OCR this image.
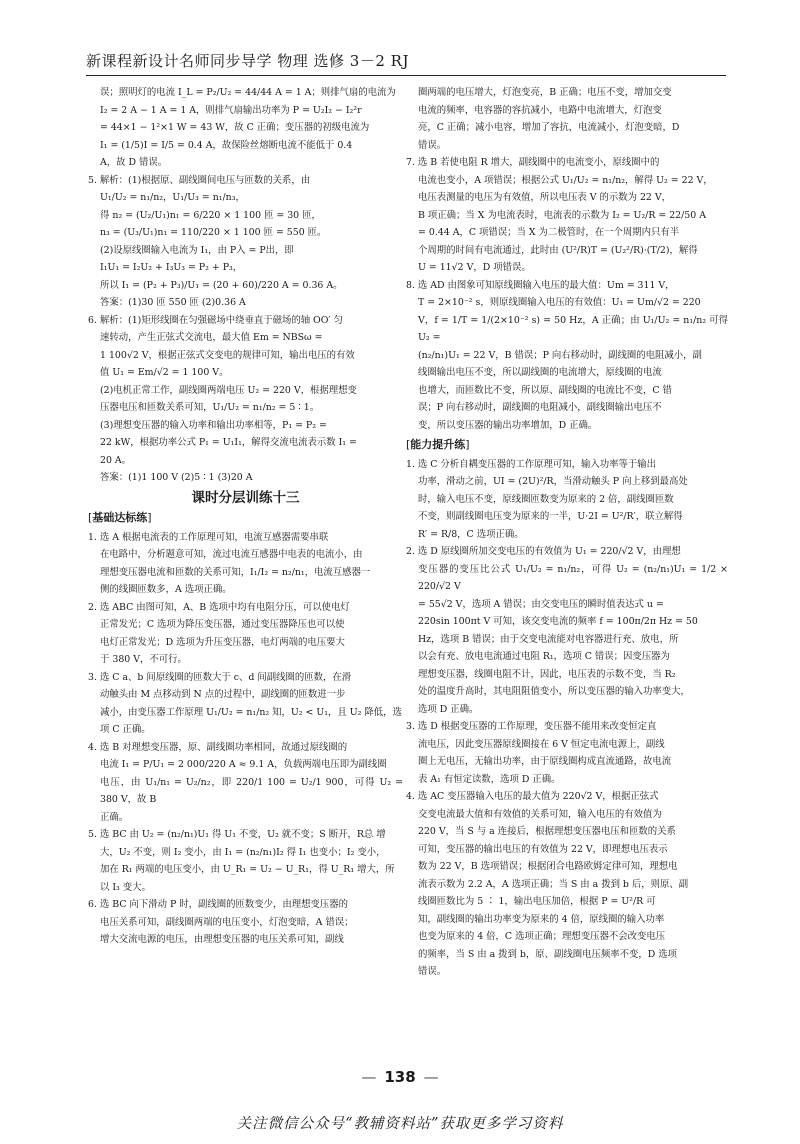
新课程新设计名师同步导学 物理 选修 3－2 RJ

误；照明灯的电流 I_L = P₂/U₂ = 44/44 A = 1 A；则排气扇的电流为

I₂ = 2 A − 1 A = 1 A，则排气扇输出功率为 P = U₂I₂ − I₂²r

= 44×1 − 1²×1 W = 43 W，故 C 正确；变压器的初级电流为

I₁ = (1/5)I = I/5 = 0.4 A，故保险丝熔断电流不能低于 0.4

A，故 D 错误。

5. 解析：(1)根据原、副线圈间电压与匝数的关系，由

U₁/U₂ = n₁/n₂，U₁/U₃ = n₁/n₃，

得 n₂ = (U₂/U₁)n₁ = 6/220 × 1 100 匝 = 30 匝，

n₃ = (U₃/U₁)n₁ = 110/220 × 1 100 匝 = 550 匝。

(2)设原线圈输入电流为 I₁，由 P入 = P出，即

I₁U₁ = I₂U₂ + I₃U₃ = P₂ + P₃，

所以 I₁ = (P₂ + P₃)/U₁ = (20 + 60)/220 A = 0.36 A。

答案：(1)30 匝 550 匝 (2)0.36 A

6. 解析：(1)矩形线圈在匀强磁场中绕垂直于磁场的轴 OO′ 匀

速转动，产生正弦式交流电，最大值 Em = NBSω =

1 100√2 V，根据正弦式交变电的规律可知，输出电压的有效

值 U₁ = Em/√2 = 1 100 V。

(2)电机正常工作，副线圈两端电压 U₂ = 220 V，根据理想变

压器电压和匝数关系可知，U₁/U₂ = n₁/n₂ = 5 ∶ 1。

(3)理想变压器的输入功率和输出功率相等，P₁ = P₂ =

22 kW，根据功率公式 P₁ = U₁I₁，解得交流电流表示数 I₁ =

20 A。

答案：(1)1 100 V (2)5 ∶ 1 (3)20 A

课时分层训练十三
[基础达标练]

1. 选 A 根据电流表的工作原理可知，电流互感器需要串联

在电路中，分析题意可知，流过电流互感器中电表的电流小，由

理想变压器电流和匝数的关系可知，I₁/I₂ = n₂/n₁，电流互感器一

侧的线圈匝数多，A 选项正确。

2. 选 ABC 由图可知，A、B 选项中均有电阻分压，可以使电灯

正常发光；C 选项为降压变压器，通过变压器降压也可以使

电灯正常发光；D 选项为升压变压器，电灯两端的电压要大

于 380 V，不可行。

3. 选 C a、b 间原线圈的匝数大于 c、d 间副线圈的匝数，在滑

动触头由 M 点移动到 N 点的过程中，副线圈的匝数进一步

减小，由变压器工作原理 U₁/U₂ = n₁/n₂ 知，U₂ < U₁，且 U₂ 降低，选

项 C 正确。

4. 选 B 对理想变压器，原、副线圈功率相同，故通过原线圈的

电流 I₁ = P/U₁ = 2 000/220 A ≈ 9.1 A，负载两端电压即为副线圈

电压，由 U₁/n₁ = U₂/n₂，即 220/1 100 = U₂/1 900，可得 U₂ = 380 V，故 B

正确。

5. 选 BC 由 U₂ = (n₂/n₁)U₁ 得 U₁ 不变，U₂ 就不变；S 断开，R总 增

大，U₂ 不变，则 I₂ 变小，由 I₁ = (n₂/n₁)I₂ 得 I₁ 也变小；I₂ 变小，

加在 R₁ 两端的电压变小，由 U_R₁ = U₂ − U_R₁，得 U_R₁ 增大，所

以 I₃ 变大。

6. 选 BC 向下滑动 P 时，副线圈的匝数变少，由理想变压器的

电压关系可知，副线圈两端的电压变小，灯泡变暗，A 错误；

增大交流电源的电压，由理想变压器的电压关系可知，副线

圈两端的电压增大，灯泡变亮，B 正确；电压不变，增加交变

电流的频率，电容器的容抗减小，电路中电流增大，灯泡变

亮，C 正确；减小电容，增加了容抗，电流减小，灯泡变暗，D

错误。

7. 选 B 若使电阻 R 增大，副线圈中的电流变小，原线圈中的

电流也变小，A 项错误；根据公式 U₁/U₂ = n₁/n₂，解得 U₂ = 22 V，

电压表测量的电压为有效值，所以电压表 V 的示数为 22 V，

B 项正确；当 X 为电流表时，电流表的示数为 I₂ = U₂/R = 22/50 A

= 0.44 A，C 项错误；当 X 为二极管时，在一个周期内只有半

个周期的时间有电流通过，此时由 (U²/R)T = (U₂²/R)·(T/2)，解得

U = 11√2 V，D 项错误。

8. 选 AD 由图象可知原线圈输入电压的最大值：Um = 311 V，

T = 2×10⁻² s，则原线圈输入电压的有效值：U₁ = Um/√2 = 220

V，f = 1/T = 1/(2×10⁻² s) = 50 Hz，A 正确；由 U₁/U₂ = n₁/n₂ 可得 U₂ =

(n₂/n₁)U₁ = 22 V，B 错误；P 向右移动时，副线圈的电阻减小，副

线圈输出电压不变，所以副线圈的电流增大，原线圈的电流

也增大，而匝数比不变，所以原、副线圈的电流比不变，C 错

误；P 向右移动时，副线圈的电阻减小，副线圈输出电压不

变，所以变压器的输出功率增加，D 正确。

[能力提升练]

1. 选 C 分析自耦变压器的工作原理可知，输入功率等于输出

功率，滑动之前，UI = (2U)²/R，当滑动触头 P 向上移到最高处

时，输入电压不变，原线圈匝数变为原来的 2 倍，副线圈匝数

不变，则副线圈电压变为原来的一半，U·2I = U²/R′，联立解得

R′ = R/8，C 选项正确。

2. 选 D 原线圈所加交变电压的有效值为 U₁ = 220/√2 V，由理想

变压器的变压比公式 U₁/U₂ = n₁/n₂，可得 U₂ = (n₂/n₁)U₁ = 1/2 × 220/√2 V

= 55√2 V，选项 A 错误；由交变电压的瞬时值表达式 u =

220sin 100πt V 可知，该交变电流的频率 f = 100π/2π Hz = 50

Hz，选项 B 错误；由于交变电流能对电容器进行充、放电，所

以会有充、放电电流通过电阻 R₁，选项 C 错误；因变压器为

理想变压器，线圈电阻不计，因此，电压表的示数不变，当 R₂

处的温度升高时，其电阻阻值变小，所以变压器的输入功率变大，

选项 D 正确。

3. 选 D 根据变压器的工作原理，变压器不能用来改变恒定直

流电压，因此变压器原线圈接在 6 V 恒定电流电源上，副线

圈上无电压，无输出功率，由于原线圈构成直流通路，故电流

表 A₁ 有恒定读数，选项 D 正确。

4. 选 AC 变压器输入电压的最大值为 220√2 V，根据正弦式

交变电流最大值和有效值的关系可知，输入电压的有效值为

220 V，当 S 与 a 连接后，根据理想变压器电压和匝数的关系

可知，变压器的输出电压的有效值为 22 V，即理想电压表示

数为 22 V，B 选项错误；根据闭合电路欧姆定律可知，理想电

流表示数为 2.2 A，A 选项正确；当 S 由 a 拨到 b 后，则原、副

线圈匝数比为 5 ∶ 1，输出电压加倍，根据 P = U²/R 可

知，副线圈的输出功率变为原来的 4 倍，原线圈的输入功率

也变为原来的 4 倍，C 选项正确；理想变压器不会改变电压

的频率，当 S 由 a 拨到 b，原、副线圈电压频率不变，D 选项

错误。

— 138 —
关注微信公众号“教辅资料站”获取更多学习资料
